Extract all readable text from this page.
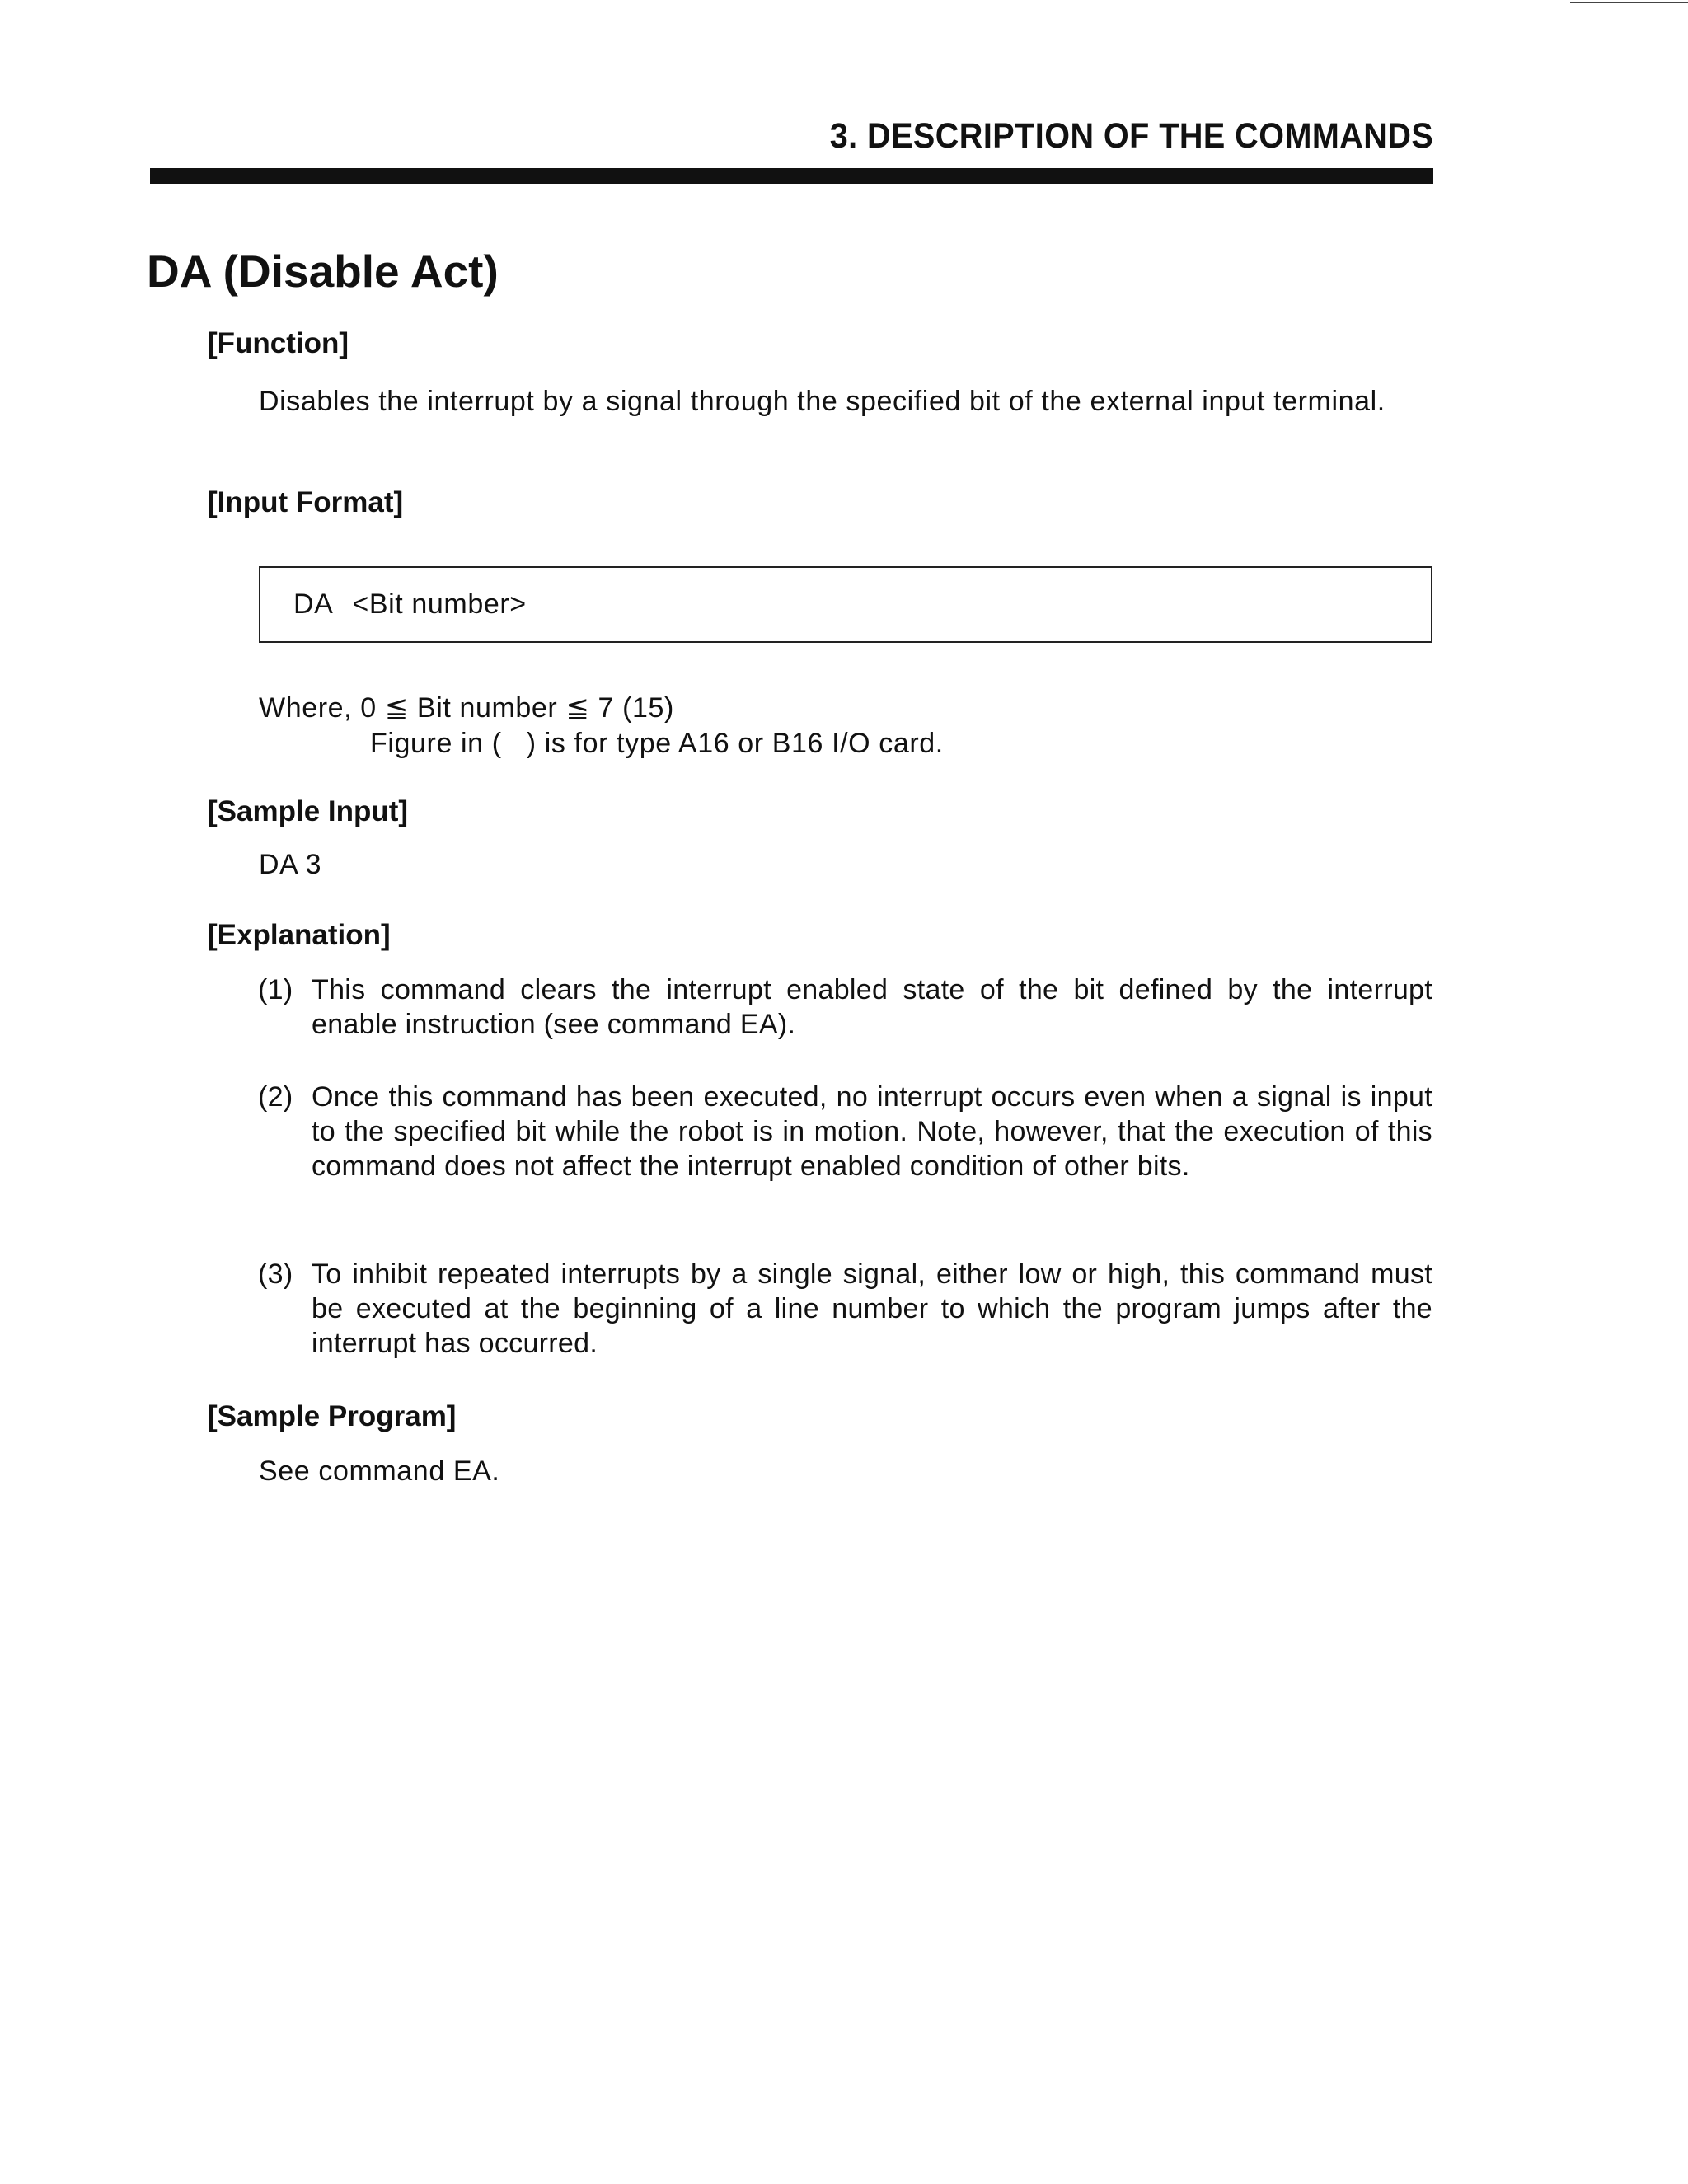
3. DESCRIPTION OF THE COMMANDS
DA (Disable Act)
[Function]
Disables the interrupt by a signal through the specified bit of the external input terminal.
[Input Format]
DA   <Bit number>
Where, 0 ≦ Bit number ≦ 7 (15)
Figure in (   ) is for type A16 or B16 I/O card.
[Sample Input]
DA 3
[Explanation]
(1) This command clears the interrupt enabled state of the bit defined by the interrupt enable instruction (see command EA).
(2) Once this command has been executed, no interrupt occurs even when a signal is input to the specified bit while the robot is in motion. Note, however, that the execution of this command does not affect the interrupt enabled condition of other bits.
(3) To inhibit repeated interrupts by a single signal, either low or high, this command must be executed at the beginning of a line number to which the program jumps after the interrupt has occurred.
[Sample Program]
See command EA.
